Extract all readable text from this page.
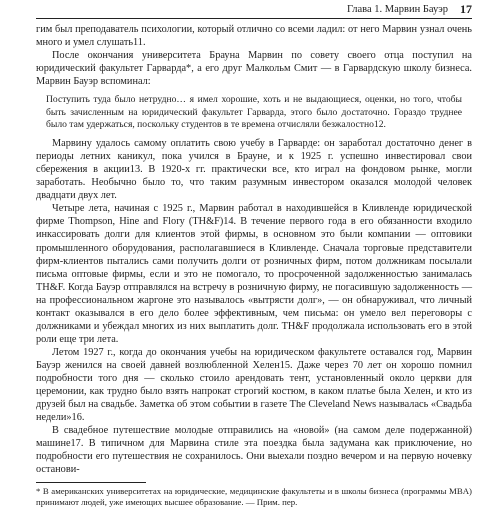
Глава 1. Марвин Бауэр 17

гим был преподаватель психологии, который отлично со всеми ладил: от него Марвин узнал очень много и умел слушать11.

После окончания университета Брауна Марвин по совету своего отца поступил на юридический факультет Гарварда*, а его друг Малкольм Смит — в Гарвардскую школу бизнеса. Марвин Бауэр вспоминал:

Поступить туда было нетрудно… я имел хорошие, хоть и не выдающиеся, оценки, но того, чтобы быть зачисленным на юридический факультет Гарварда, этого было достаточно. Гораздо труднее было там удержаться, поскольку студентов в те времена отчисляли безжалостно12.

Марвину удалось самому оплатить свою учебу в Гарварде: он заработал достаточно денег в периоды летних каникул, пока учился в Брауне, и к 1925 г. успешно инвестировал свои сбережения в акции13. В 1920-х гг. практически все, кто играл на фондовом рынке, могли заработать. Необычно было то, что таким разумным инвестором оказался молодой человек двадцати двух лет.

Четыре лета, начиная с 1925 г., Марвин работал в находившейся в Кливленде юридической фирме Thompson, Hine and Flory (TH&F)14. В течение первого года в его обязанности входило инкассировать долги для клиентов этой фирмы, в основном это были компании — оптовики промышленного оборудования, располагавшиеся в Кливленде. Сначала торговые представители фирм-клиентов пытались сами получить долги от розничных фирм, потом должникам посылали письма оптовые фирмы, если и это не помогало, то просроченной задолженностью занималась TH&F. Когда Бауэр отправлялся на встречу в розничную фирму, не погасившую задолженность — на профессиональном жаргоне это называлось «вытрясти долг», — он обнаруживал, что личный контакт оказывался в его дело более эффективным, чем письма: он умело вел переговоры с должниками и убеждал многих из них выплатить долг. TH&F продолжала использовать его в этой роли еще три лета.

Летом 1927 г., когда до окончания учебы на юридическом факультете оставался год, Марвин Бауэр женился на своей давней возлюбленной Хелен15. Даже через 70 лет он хорошо помнил подробности того дня — сколько стоило арендовать тент, установленный около церкви для церемонии, как трудно было взять напрокат строгий костюм, в каком платье была Хелен, и кто из друзей был на свадьбе. Заметка об этом событии в газете The Cleveland News называлась «Свадьба недели»16.

В свадебное путешествие молодые отправились на «новой» (на самом деле подержанной) машине17. В типичном для Марвина стиле эта поездка была задумана как приключение, но подробности его путешествия не сохранилось. Они выехали поздно вечером и на первую ночевку останови-

* В американских университетах на юридические, медицинские факультеты и в школы бизнеса (программы MBA) принимают людей, уже имеющих высшее образование. — Прим. пер.
